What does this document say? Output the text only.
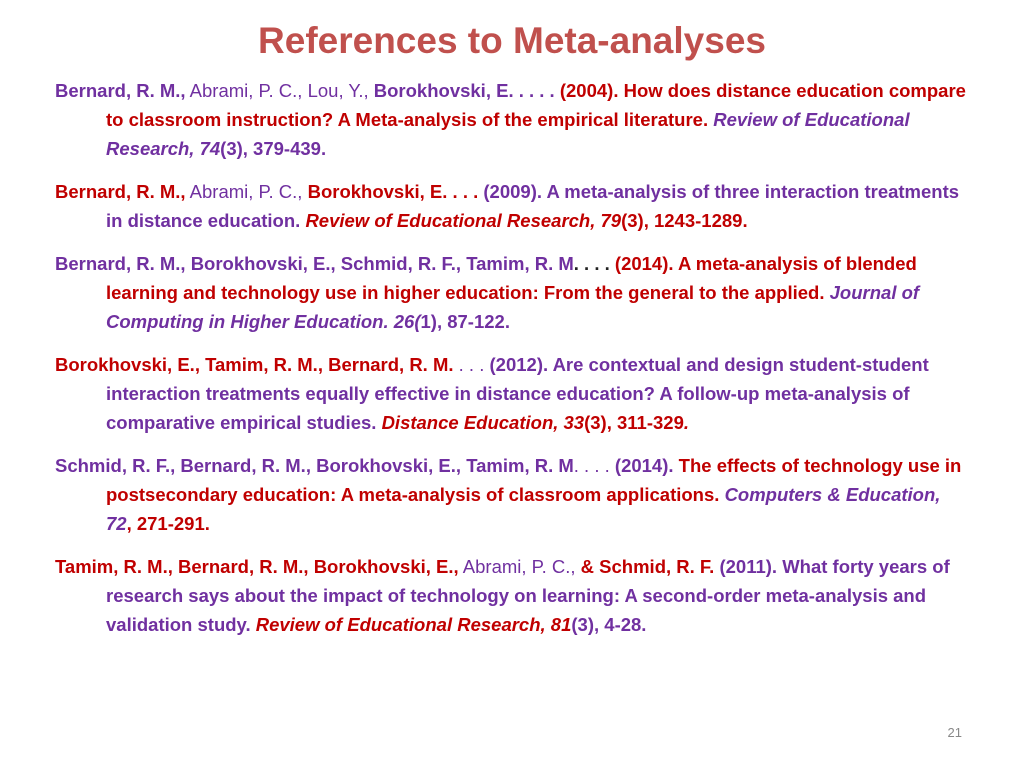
References to Meta-analyses

Bernard, R. M., Abrami, P. C., Lou, Y., Borokhovski, E. . . . . (2004). How does distance education compare to classroom instruction? A Meta-analysis of the empirical literature. Review of Educational Research, 74(3), 379-439.

Bernard, R. M., Abrami, P. C., Borokhovski, E. . . . (2009). A meta-analysis of three interaction treatments in distance education. Review of Educational Research, 79(3), 1243-1289.

Bernard, R. M., Borokhovski, E., Schmid, R. F., Tamim, R. M. . . . (2014). A meta-analysis of blended learning and technology use in higher education: From the general to the applied. Journal of Computing in Higher Education. 26(1), 87-122.

Borokhovski, E., Tamim, R. M., Bernard, R. M. . . . (2012). Are contextual and design student-student interaction treatments equally effective in distance education? A follow-up meta-analysis of comparative empirical studies. Distance Education, 33(3), 311-329.

Schmid, R. F., Bernard, R. M., Borokhovski, E., Tamim, R. M. . . . (2014). The effects of technology use in postsecondary education: A meta-analysis of classroom applications. Computers & Education, 72, 271-291.

Tamim, R. M., Bernard, R. M., Borokhovski, E., Abrami, P. C., & Schmid, R. F. (2011). What forty years of research says about the impact of technology on learning: A second-order meta-analysis and validation study. Review of Educational Research, 81(3), 4-28.

21
